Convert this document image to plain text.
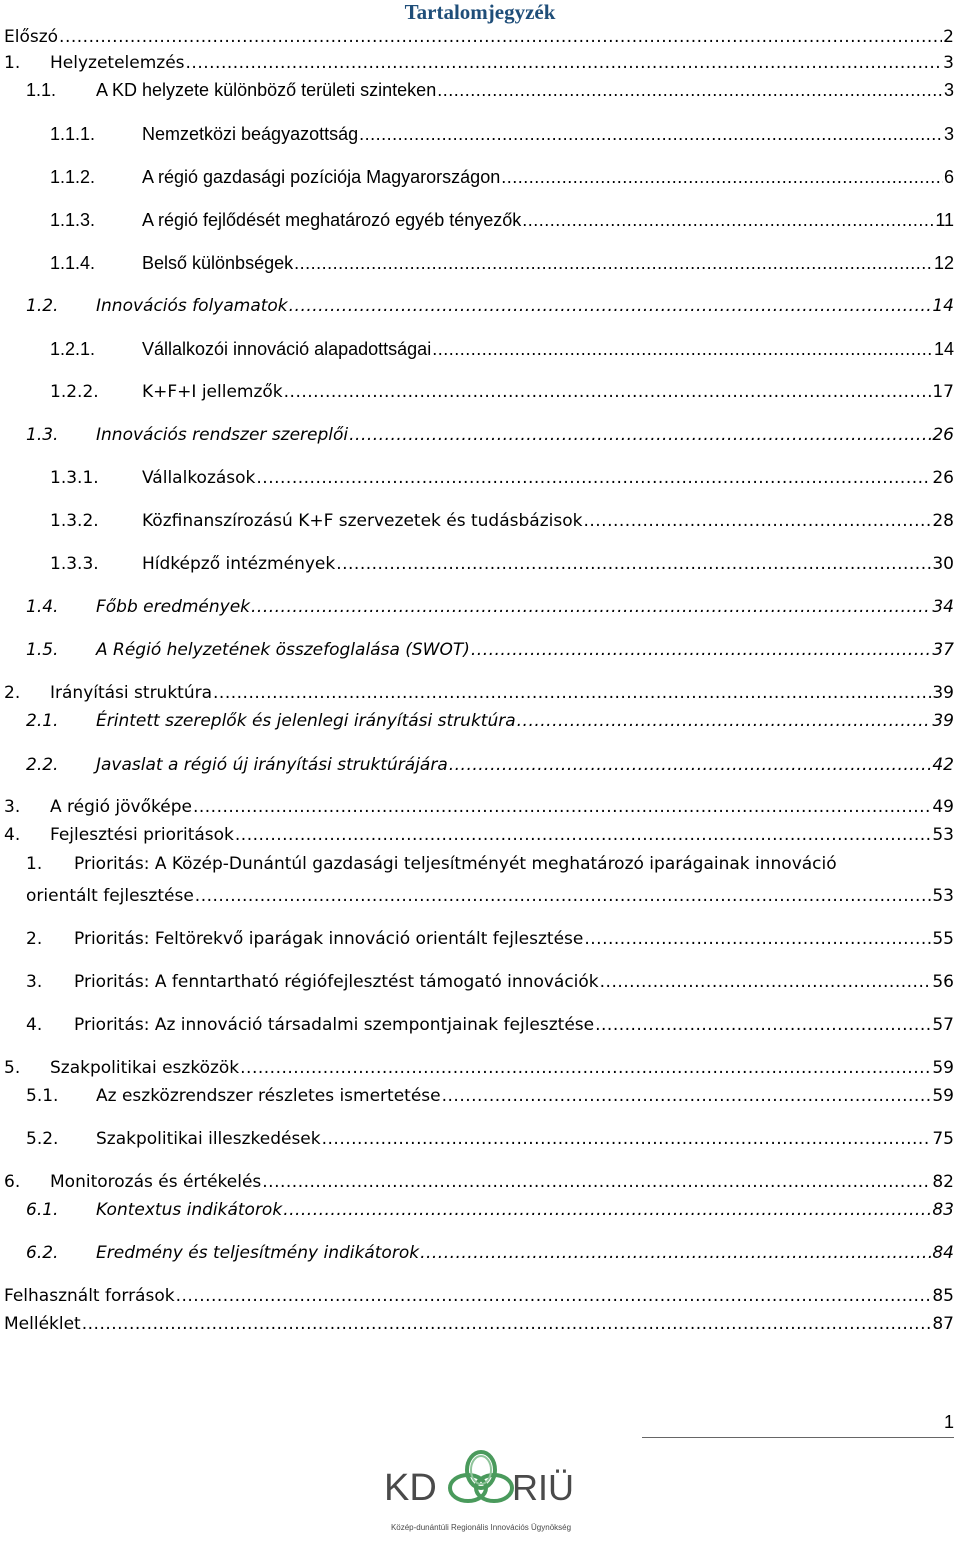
Tartalomjegyzék
Előszó .....	2
1.	Helyzetelemzés .....	3
1.1.	A KD helyzete különböző területi szinteken .....	3
1.1.1.	Nemzetközi beágyazottság .....	3
1.1.2.	A régió gazdasági pozíciója Magyarországon .....	6
1.1.3.	A régió fejlődését meghatározó egyéb tényezők .....	11
1.1.4.	Belső különbségek .....	12
1.2.	Innovációs folyamatok .....	14
1.2.1.	Vállalkozói innováció alapadottságai .....	14
1.2.2.	K+F+I jellemzők .....	17
1.3.	Innovációs rendszer szereplői .....	26
1.3.1.	Vállalkozások .....	26
1.3.2.	Közfinanszírozású K+F szervezetek és tudásbázisok .....	28
1.3.3.	Hídképző intézmények .....	30
1.4.	Főbb eredmények .....	34
1.5.	A Régió helyzetének összefoglalása (SWOT) .....	37
2.	Irányítási struktúra .....	39
2.1.	Érintett szereplők és jelenlegi irányítási struktúra .....	39
2.2.	Javaslat a régió új irányítási struktúrájára .....	42
3.	A régió jövőképe .....	49
4.	Fejlesztési prioritások .....	53
1. Prioritás: A Közép-Dunántúl gazdasági teljesítményét meghatározó iparágainak innováció
orientált fejlesztése .....	53
2.	Prioritás: Feltörekvő iparágak innováció orientált fejlesztése .....	55
3.	Prioritás: A fenntartható régiófejlesztést támogató innovációk .....	56
4.	Prioritás: Az innováció társadalmi szempontjainak fejlesztése .....	57
5.	Szakpolitikai eszközök .....	59
5.1.	Az eszközrendszer részletes ismertetése .....	59
5.2.	Szakpolitikai illeszkedések .....	75
6.	Monitorozás és értékelés .....	82
6.1.	Kontextus indikátorok .....	83
6.2.	Eredmény és teljesítmény indikátorok .....	84
Felhasznált források .....	85
Melléklet .....	87
1
KD RIÜ
Közép-dunántúli Regionális Innovációs Ügynökség
